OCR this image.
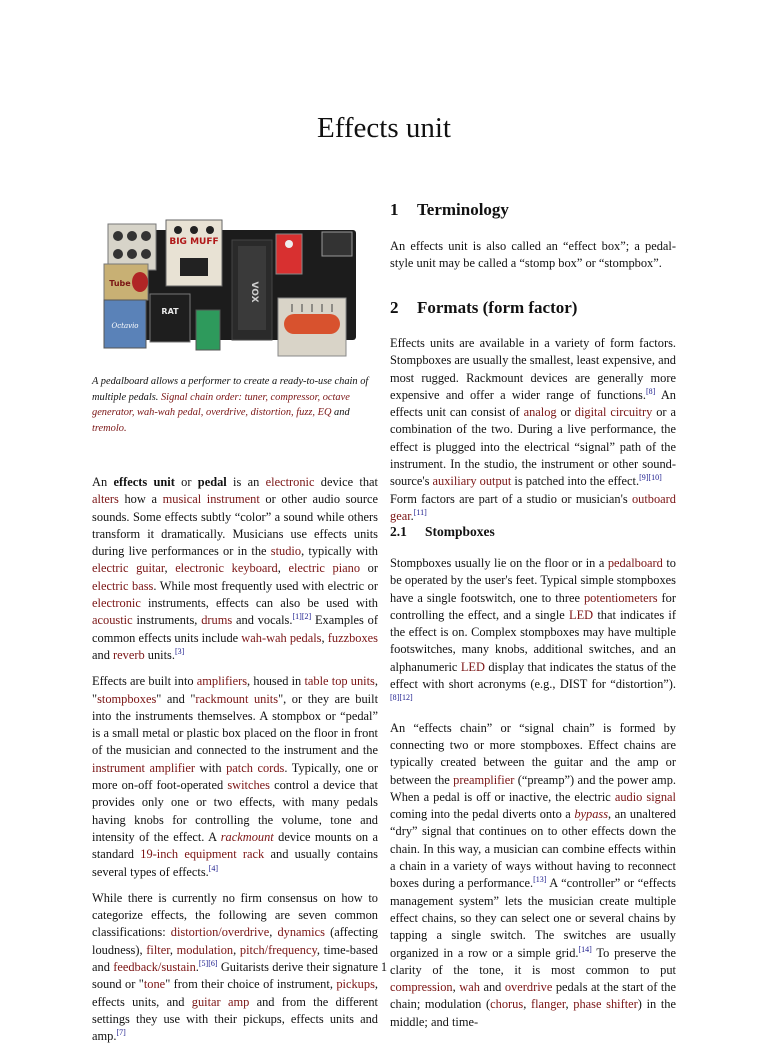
Effects unit
BIG MUFF
VOX
Tube
Octavio
RAT
A pedalboard allows a performer to create a ready-to-use chain of multiple pedals. Signal chain order: tuner, compressor, octave generator, wah-wah pedal, overdrive, distortion, fuzz, EQ and tremolo.

An effects unit or pedal is an electronic device that alters how a musical instrument or other audio source sounds. Some effects subtly “color” a sound while others transform it dramatically. Musicians use effects units during live performances or in the studio, typically with electric guitar, electronic keyboard, electric piano or electric bass. While most frequently used with electric or electronic instruments, effects can also be used with acoustic instruments, drums and vocals.[1][2] Examples of common effects units include wah-wah pedals, fuzzboxes and reverb units.[3]

Effects are built into amplifiers, housed in table top units, "stompboxes" and "rackmount units", or they are built into the instruments themselves. A stompbox or “pedal” is a small metal or plastic box placed on the floor in front of the musician and connected to the instrument and the instrument amplifier with patch cords. Typically, one or more on-off foot-operated switches control a device that provides only one or two effects, with many pedals having knobs for controlling the volume, tone and intensity of the effect. A rackmount device mounts on a standard 19-inch equipment rack and usually contains several types of effects.[4]

While there is currently no firm consensus on how to categorize effects, the following are seven common classifications: distortion/overdrive, dynamics (affecting loudness), filter, modulation, pitch/frequency, time-based and feedback/sustain.[5][6] Guitarists derive their signature sound or "tone" from their choice of instrument, pickups, effects units, and guitar amp and from the different settings they use with their pickups, effects units and amp.[7]

1 Terminology

An effects unit is also called an “effect box”; a pedal-style unit may be called a “stomp box” or “stompbox”.

2 Formats (form factor)

Effects units are available in a variety of form factors. Stompboxes are usually the smallest, least expensive, and most rugged. Rackmount devices are generally more expensive and offer a wider range of functions.[8] An effects unit can consist of analog or digital circuitry or a combination of the two. During a live performance, the effect is plugged into the electrical “signal” path of the instrument. In the studio, the instrument or other sound-source's auxiliary output is patched into the effect.[9][10]

Form factors are part of a studio or musician's outboard gear.[11]

2.1 Stompboxes

Stompboxes usually lie on the floor or in a pedalboard to be operated by the user's feet. Typical simple stompboxes have a single footswitch, one to three potentiometers for controlling the effect, and a single LED that indicates if the effect is on. Complex stompboxes may have multiple footswitches, many knobs, additional switches, and an alphanumeric LED display that indicates the status of the effect with short acronyms (e.g., DIST for “distortion”).[8][12]

An “effects chain” or “signal chain” is formed by connecting two or more stompboxes. Effect chains are typically created between the guitar and the amp or between the preamplifier (“preamp”) and the power amp. When a pedal is off or inactive, the electric audio signal coming into the pedal diverts onto a bypass, an unaltered “dry” signal that continues on to other effects down the chain. In this way, a musician can combine effects within a chain in a variety of ways without having to reconnect boxes during a performance.[13] A “controller” or “effects management system” lets the musician create multiple effect chains, so they can select one or several chains by tapping a single switch. The switches are usually organized in a row or a simple grid.[14] To preserve the clarity of the tone, it is most common to put compression, wah and overdrive pedals at the start of the chain; modulation (chorus, flanger, phase shifter) in the middle; and time-

1
